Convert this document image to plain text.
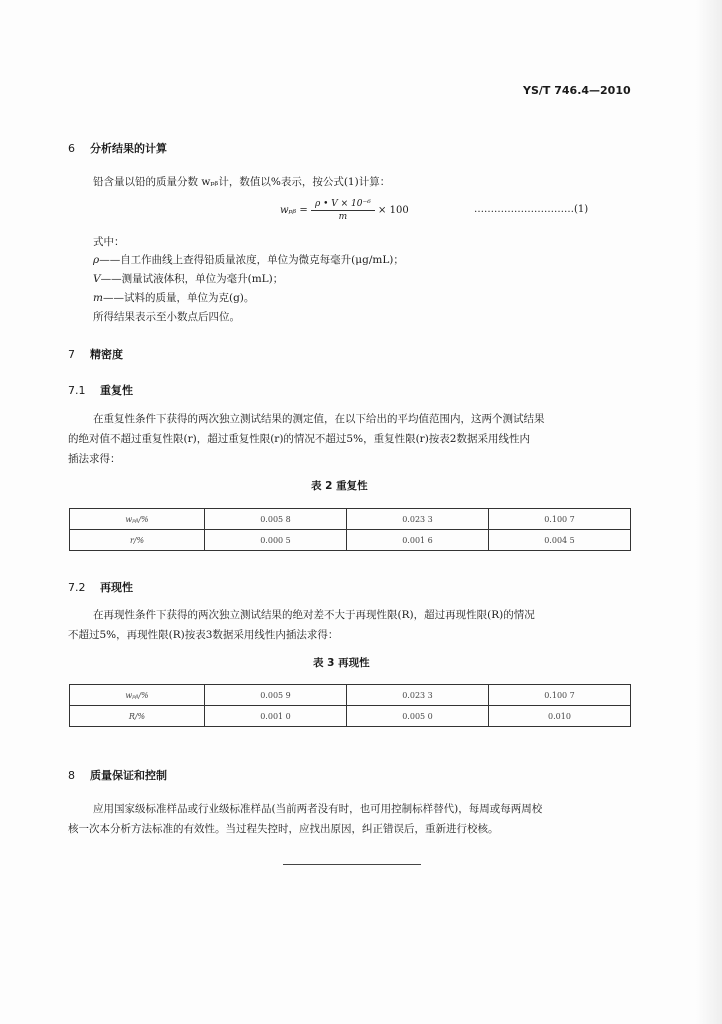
YS/T 746.4—2010
6 分析结果的计算
铅含量以铅的质量分数 wₚᵦ计，数值以%表示，按公式(1)计算：
wₚᵦ = $\frac{\text{ρ • V × 10⁻⁶}}{m} \times 100$	…………………………(1)
式中：
ρ——自工作曲线上查得铅质量浓度，单位为微克每毫升(μg/mL)；
V——测量试液体积，单位为毫升(mL)；
m——试料的质量，单位为克(g)。
所得结果表示至小数点后四位。
7 精密度
7.1 重复性
在重复性条件下获得的两次独立测试结果的测定值，在以下给出的平均值范围内，这两个测试结果
的绝对值不超过重复性限(r)，超过重复性限(r)的情况不超过5%，重复性限(r)按表2数据采用线性内
插法求得：
表 2 重复性
wₚᵦ/%	0.005 8	0.023 3	0.100 7
r/%	0.000 5	0.001 6	0.004 5
7.2 再现性
在再现性条件下获得的两次独立测试结果的绝对差不大于再现性限(R)，超过再现性限(R)的情况
不超过5%，再现性限(R)按表3数据采用线性内插法求得：
表 3 再现性
wₚᵦ/%	0.005 9	0.023 3	0.100 7
R/%	0.001 0	0.005 0	0.010
8 质量保证和控制
应用国家级标准样品或行业级标准样品(当前两者没有时，也可用控制标样替代)，每周或每两周校
核一次本分析方法标准的有效性。当过程失控时，应找出原因，纠正错误后，重新进行校核。
